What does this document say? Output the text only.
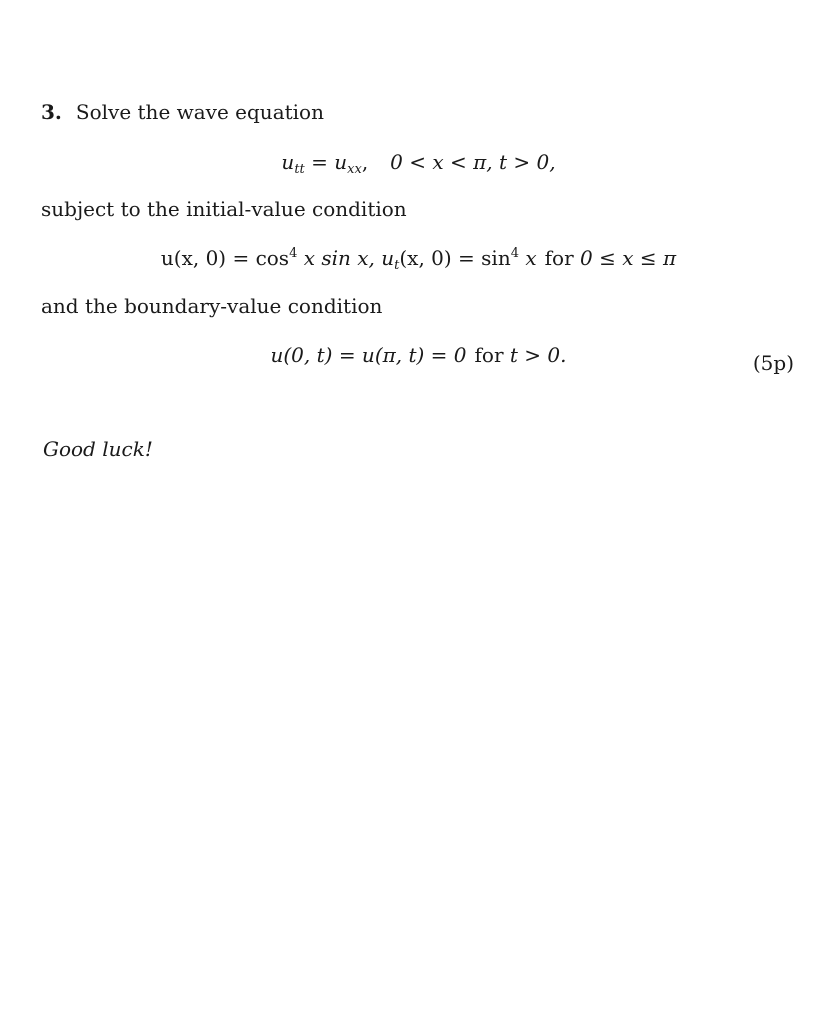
3. Solve the wave equation
$u_{tt} = u_{xx}$, 0 < x < π, t > 0,
subject to the initial-value condition
u(x, $0) = \cos^4 x$ sin x, $u_t(x$, $0) = \sin^4 x$ for 0 ≤ x ≤ π
and the boundary-value condition
u(0, t) = u(π, t) = 0 for t > 0.	(5p)
Good luck!
